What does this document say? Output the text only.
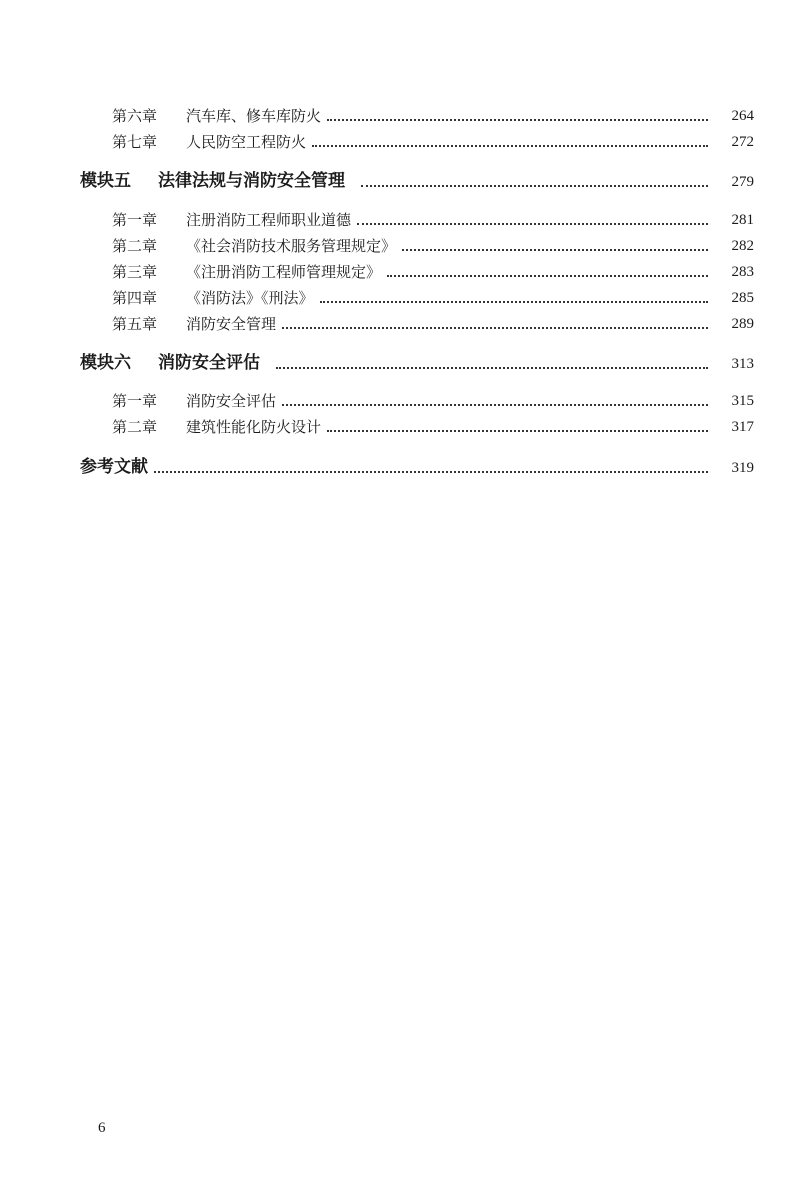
第六章	汽车库、修车库防火	264
第七章	人民防空工程防火	272
模块五	法律法规与消防安全管理	279
第一章	注册消防工程师职业道德	281
第二章	《社会消防技术服务管理规定》	282
第三章	《注册消防工程师管理规定》	283
第四章	《消防法》《刑法》	285
第五章	消防安全管理	289
模块六	消防安全评估	313
第一章	消防安全评估	315
第二章	建筑性能化防火设计	317
参考文献	319
6
